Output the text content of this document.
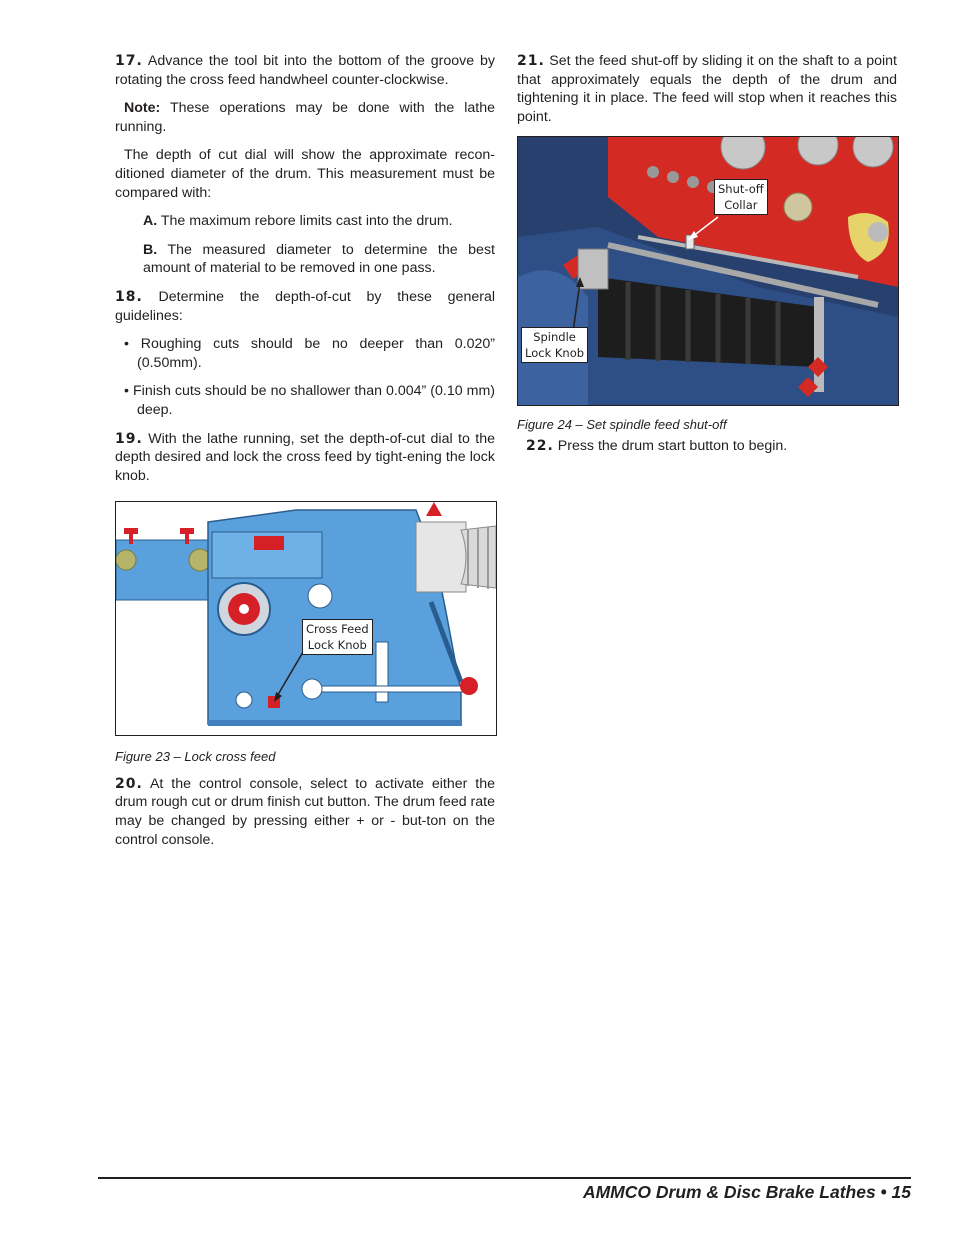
17. Advance the tool bit into the bottom of the groove by rotating the cross feed handwheel counter-clockwise.

Note: These operations may be done with the lathe running.

The depth of cut dial will show the approximate recon-ditioned diameter of the drum. This measurement must be compared with:

A. The maximum rebore limits cast into the drum.

B. The measured diameter to determine the best amount of material to be removed in one pass.

18. Determine the depth-of-cut by these general guidelines:

• Roughing cuts should be no deeper than 0.020” (0.50mm).

• Finish cuts should be no shallower than 0.004” (0.10 mm) deep.

19. With the lathe running, set the depth-of-cut dial to the depth desired and lock the cross feed by tight-ening the lock knob.

Cross Feed
Lock Knob

Figure 23 – Lock cross feed

20. At the control console, select to activate either the drum rough cut or drum finish cut button. The drum feed rate may be changed by pressing either + or - but-ton on the control console.

21. Set the feed shut-off by sliding it on the shaft to a point that approximately equals the depth of the drum and tightening it in place. The feed will stop when it reaches this point.

Shut-off
Collar
Spindle
Lock Knob

Figure 24 – Set spindle feed shut-off

22. Press the drum start button to begin.

AMMCO Drum & Disc Brake Lathes • 15
